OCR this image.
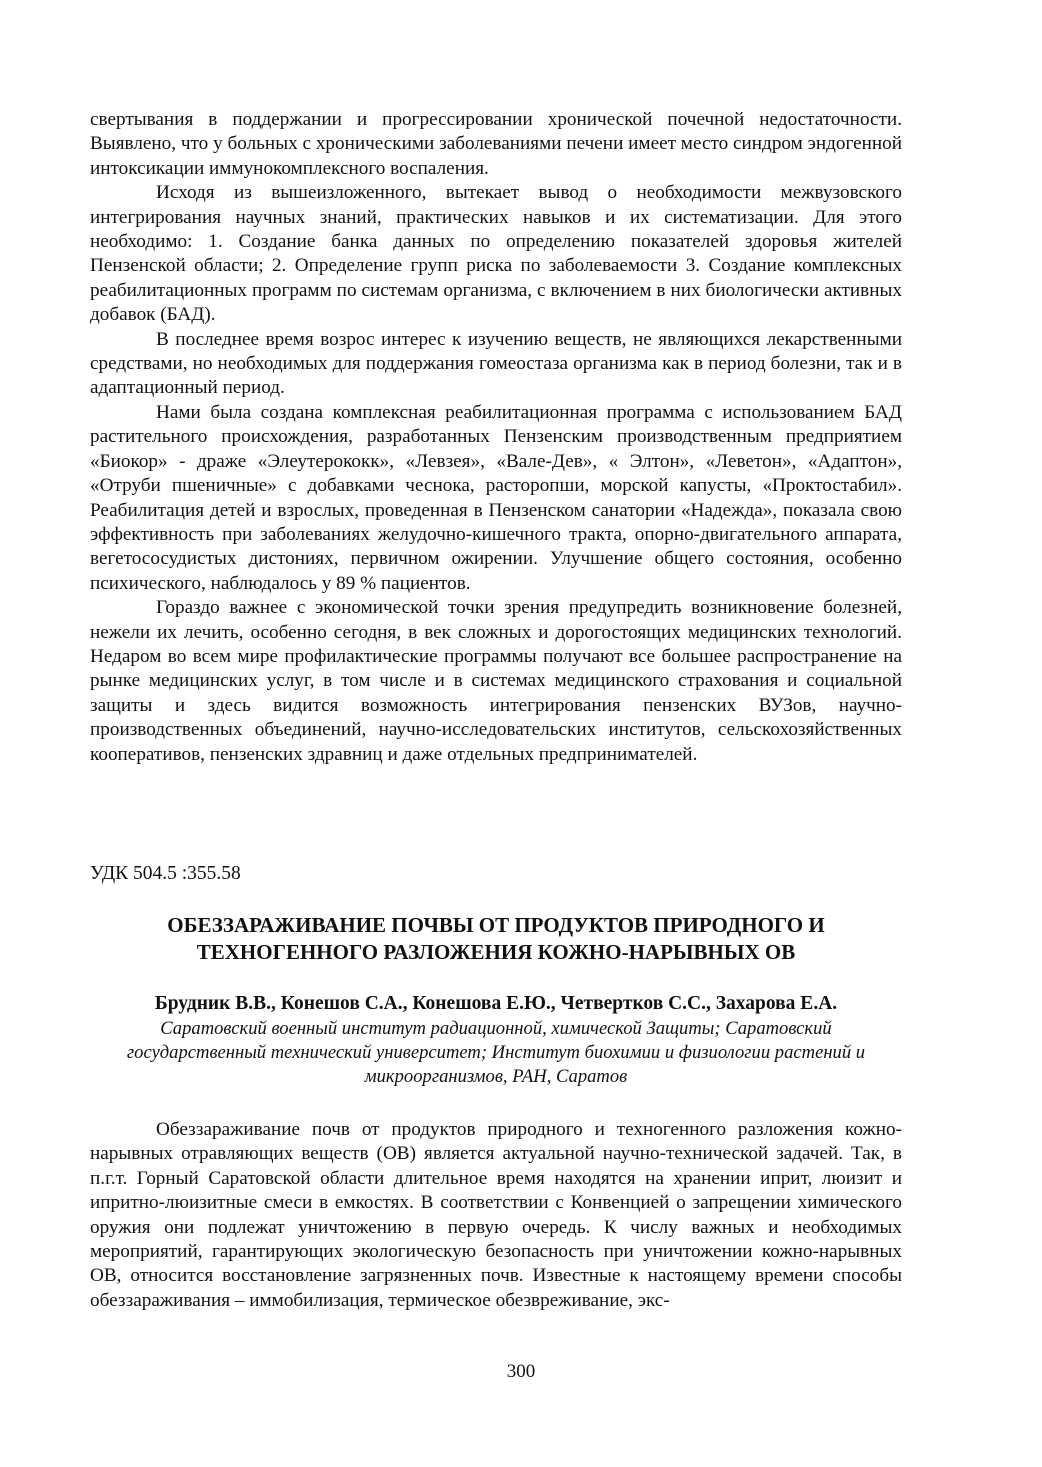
свертывания в поддержании и прогрессировании хронической почечной недостаточности. Выявлено, что у больных с хроническими заболеваниями печени имеет место синдром эндогенной интоксикации иммунокомплексного воспаления.

Исходя из вышеизложенного, вытекает вывод о необходимости межвузовского интегрирования научных знаний, практических навыков и их систематизации. Для этого необходимо: 1. Создание банка данных по определению показателей здоровья жителей Пензенской области; 2. Определение групп риска по заболеваемости 3. Создание комплексных реабилитационных программ по системам организма, с включением в них биологически активных добавок (БАД).

В последнее время возрос интерес к изучению веществ, не являющихся лекарственными средствами, но необходимых для поддержания гомеостаза организма как в период болезни, так и в адаптационный период.

Нами была создана комплексная реабилитационная программа с использованием БАД растительного происхождения, разработанных Пензенским производственным предприятием «Биокор» - драже «Элеутерококк», «Левзея», «Вале-Дев», « Элтон», «Леветон», «Адаптон», «Отруби пшеничные» с добавками чеснока, расторопши, морской капусты, «Проктостабил». Реабилитация детей и взрослых, проведенная в Пензенском санатории «Надежда», показала свою эффективность при заболеваниях желудочно-кишечного тракта, опорно-двигательного аппарата, вегетососудистых дистониях, первичном ожирении. Улучшение общего состояния, особенно психического, наблюдалось у 89 % пациентов.

Гораздо важнее с экономической точки зрения предупредить возникновение болезней, нежели их лечить, особенно сегодня, в век сложных и дорогостоящих медицинских технологий. Недаром во всем мире профилактические программы получают все большее распространение на рынке медицинских услуг, в том числе и в системах медицинского страхования и социальной защиты и здесь видится возможность интегрирования пензенских ВУЗов, научно-производственных объединений, научно-исследовательских институтов, сельскохозяйственных кооперативов, пензенских здравниц и даже отдельных предпринимателей.

УДК 504.5 :355.58

ОБЕЗЗАРАЖИВАНИЕ ПОЧВЫ ОТ ПРОДУКТОВ ПРИРОДНОГО И
ТЕХНОГЕННОГО РАЗЛОЖЕНИЯ КОЖНО-НАРЫВНЫХ ОВ

Брудник В.В., Конешов С.А., Конешова Е.Ю., Четвертков С.С., Захарова Е.А.

Саратовский военный институт радиационной, химической Защиты; Саратовский государственный технический университет; Институт биохимии и физиологии растений и микроорганизмов, РАН, Саратов

Обеззараживание почв от продуктов природного и техногенного разложения кожно-нарывных отравляющих веществ (ОВ) является актуальной научно-технической задачей. Так, в п.г.т. Горный Саратовской области длительное время находятся на хранении иприт, люизит и ипритно-люизитные смеси в емкостях. В соответствии с Конвенцией о запрещении химического оружия они подлежат уничтожению в первую очередь. К числу важных и необходимых мероприятий, гарантирующих экологическую безопасность при уничтожении кожно-нарывных ОВ, относится восстановление загрязненных почв. Известные к настоящему времени способы обеззараживания – иммобилизация, термическое обезвреживание, экс-

300
